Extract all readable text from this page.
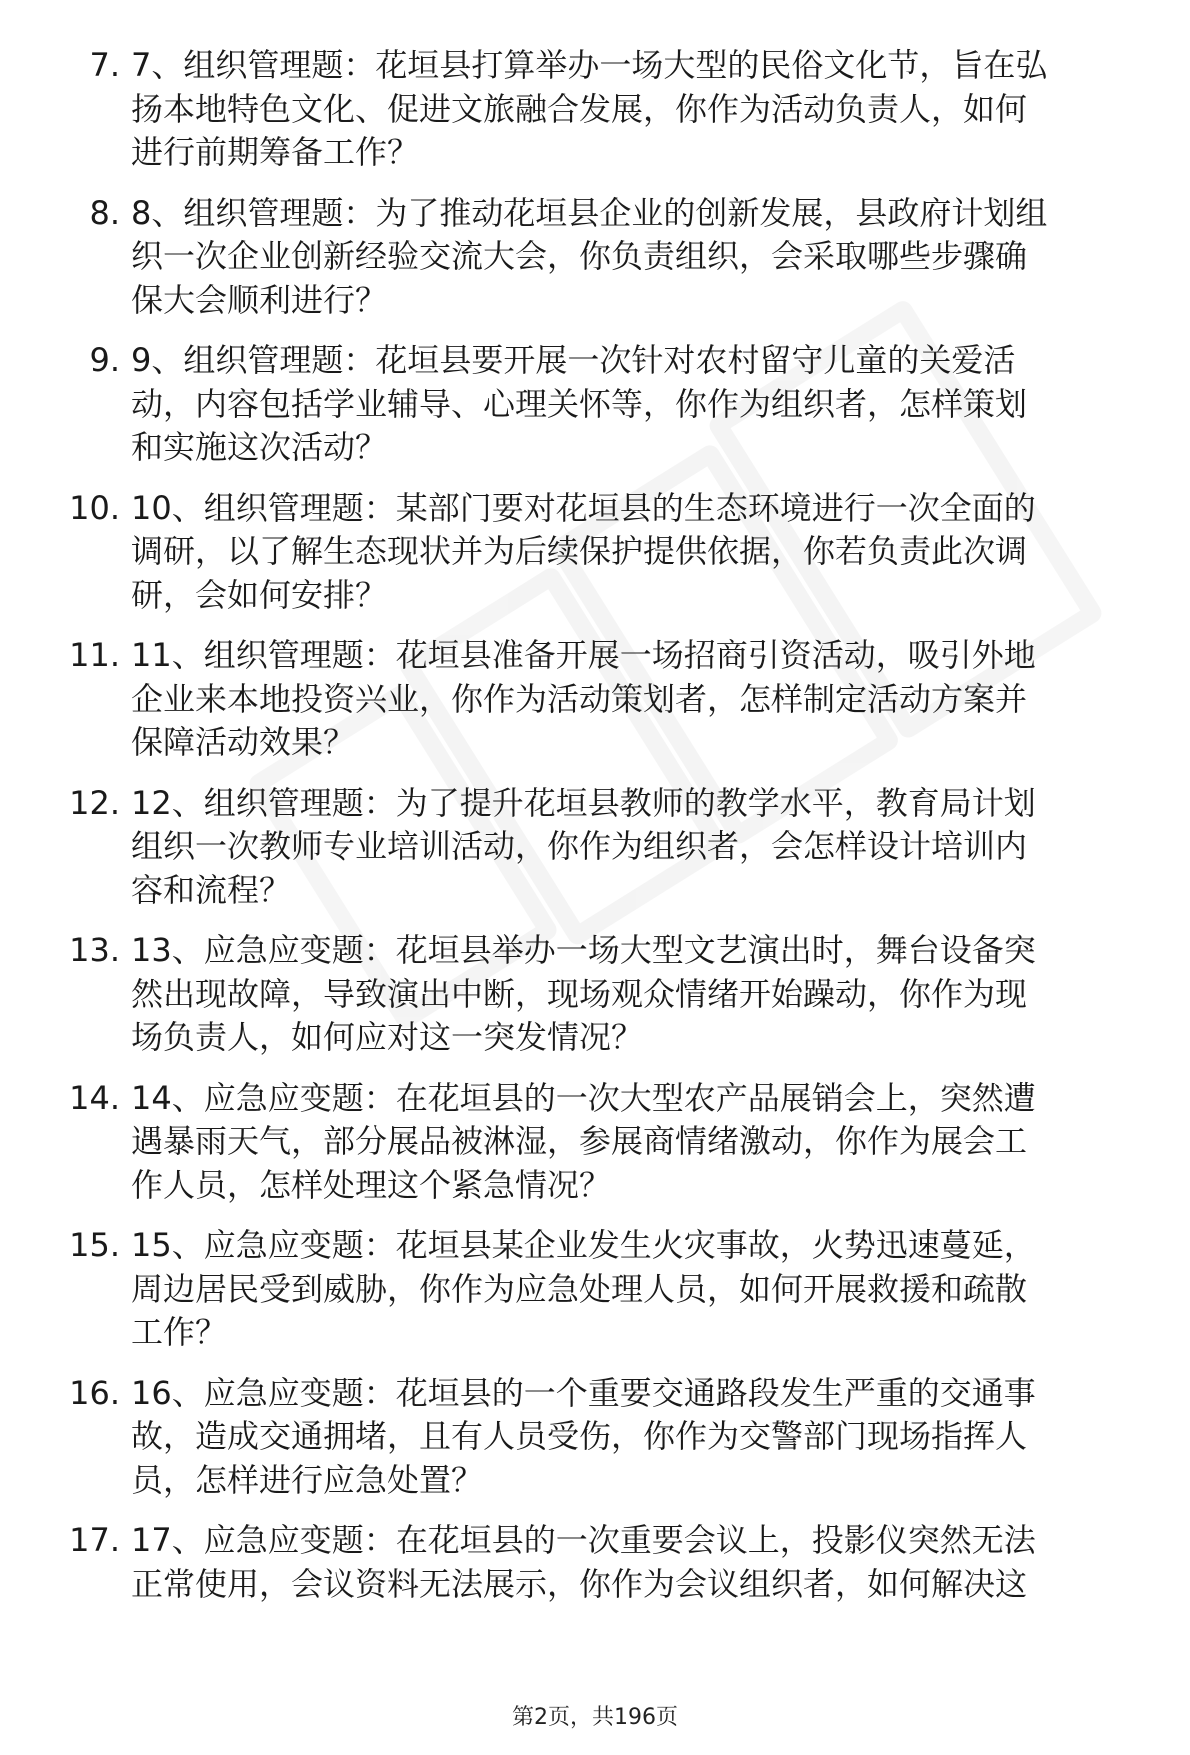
7. 7、组织管理题：花垣县打算举办一场大型的民俗文化节，旨在弘
扬本地特色文化、促进文旅融合发展，你作为活动负责人，如何
进行前期筹备工作？
8. 8、组织管理题：为了推动花垣县企业的创新发展，县政府计划组
织一次企业创新经验交流大会，你负责组织，会采取哪些步骤确
保大会顺利进行？
9. 9、组织管理题：花垣县要开展一次针对农村留守儿童的关爱活
动，内容包括学业辅导、心理关怀等，你作为组织者，怎样策划
和实施这次活动？
10. 10、组织管理题：某部门要对花垣县的生态环境进行一次全面的
调研，以了解生态现状并为后续保护提供依据，你若负责此次调
研，会如何安排？
11. 11、组织管理题：花垣县准备开展一场招商引资活动，吸引外地
企业来本地投资兴业，你作为活动策划者，怎样制定活动方案并
保障活动效果？
12. 12、组织管理题：为了提升花垣县教师的教学水平，教育局计划
组织一次教师专业培训活动，你作为组织者，会怎样设计培训内
容和流程？
13. 13、应急应变题：花垣县举办一场大型文艺演出时，舞台设备突
然出现故障，导致演出中断，现场观众情绪开始躁动，你作为现
场负责人，如何应对这一突发情况？
14. 14、应急应变题：在花垣县的一次大型农产品展销会上，突然遭
遇暴雨天气，部分展品被淋湿，参展商情绪激动，你作为展会工
作人员，怎样处理这个紧急情况？
15. 15、应急应变题：花垣县某企业发生火灾事故，火势迅速蔓延，
周边居民受到威胁，你作为应急处理人员，如何开展救援和疏散
工作？
16. 16、应急应变题：花垣县的一个重要交通路段发生严重的交通事
故，造成交通拥堵，且有人员受伤，你作为交警部门现场指挥人
员，怎样进行应急处置？
17. 17、应急应变题：在花垣县的一次重要会议上，投影仪突然无法
正常使用，会议资料无法展示，你作为会议组织者，如何解决这
第2页，共196页
